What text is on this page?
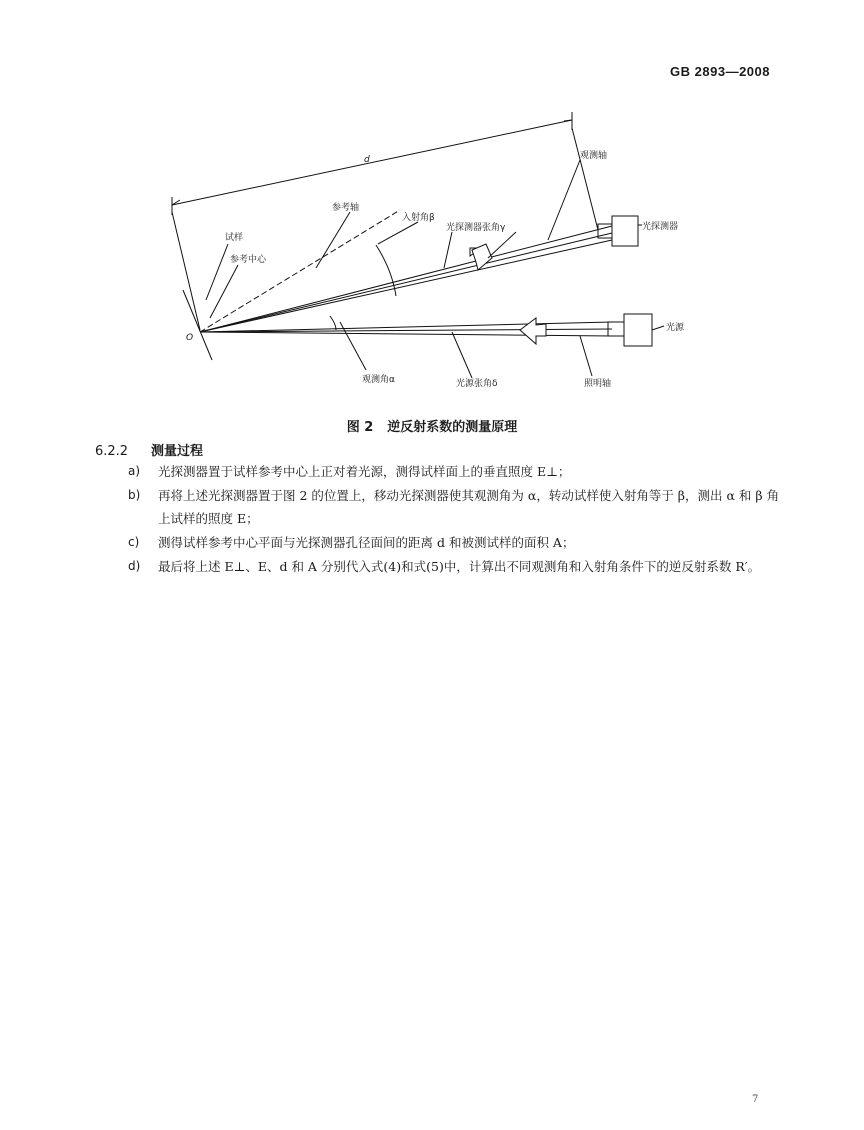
GB 2893—2008
d
试样
参考中心
参考轴
入射角β
光探测器张角γ
观测轴
光探测器
O
光源
观测角α	光源张角δ	照明轴
图 2 逆反射系数的测量原理
6.2.2 测量过程
a)	光探测器置于试样参考中心上正对着光源，测得试样面上的垂直照度 E⊥；
b)	再将上述光探测器置于图 2 的位置上，移动光探测器使其观测角为 α，转动试样使入射角等于 β，测出 α 和 β 角上试样的照度 E；
c)	测得试样参考中心平面与光探测器孔径面间的距离 d 和被测试样的面积 A；
d)	最后将上述 E⊥、E、d 和 A 分别代入式(4)和式(5)中，计算出不同观测角和入射角条件下的逆反射系数 R′。
7
